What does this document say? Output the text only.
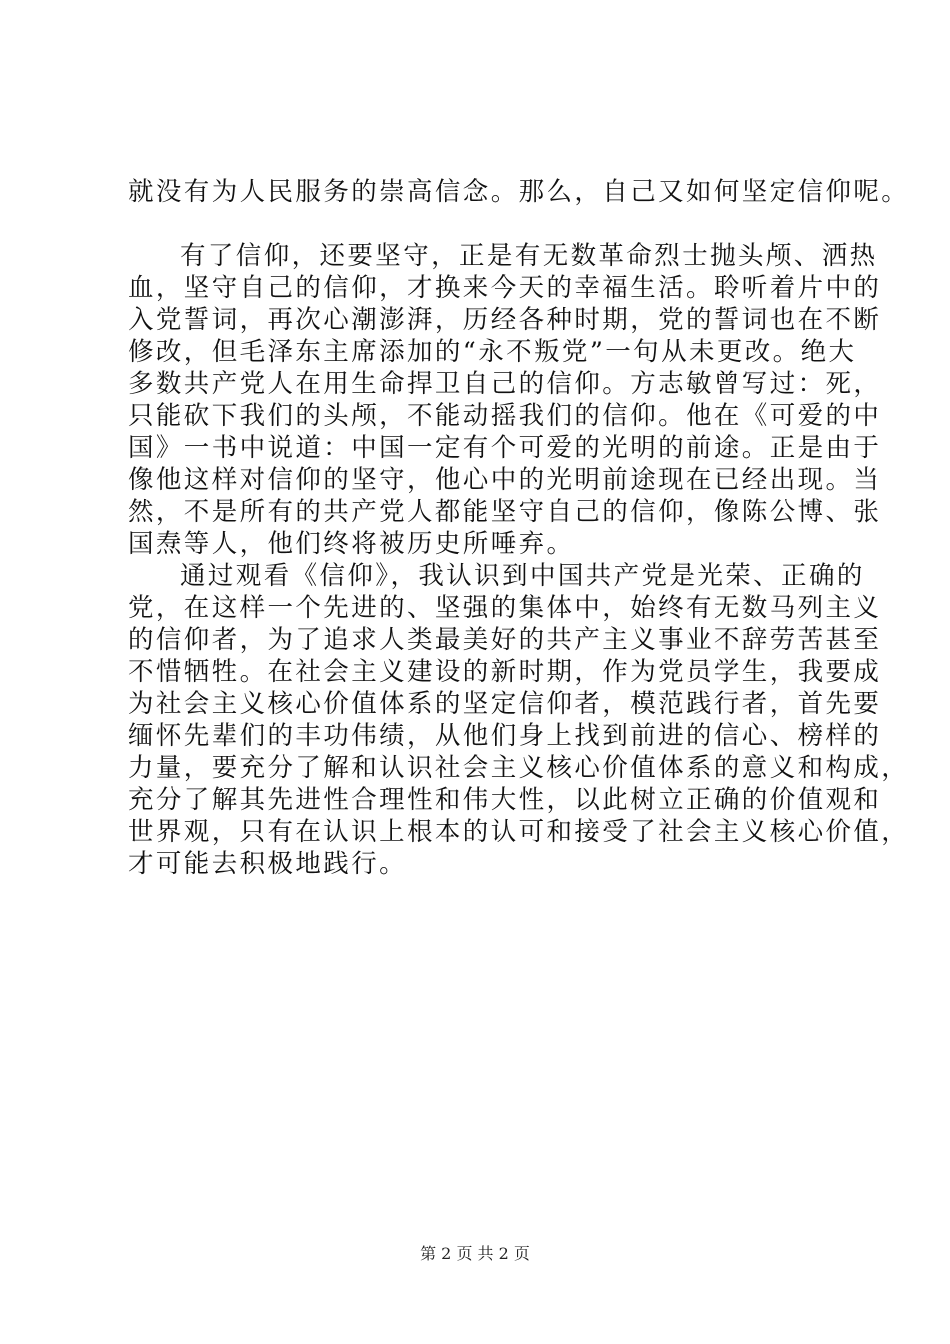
就没有为人民服务的崇高信念。那么，自己又如何坚定信仰呢。
有了信仰，还要坚守，正是有无数革命烈士抛头颅、洒热
血，坚守自己的信仰，才换来今天的幸福生活。聆听着片中的
入党誓词，再次心潮澎湃，历经各种时期，党的誓词也在不断
修改，但毛泽东主席添加的“永不叛党”一句从未更改。绝大
多数共产党人在用生命捍卫自己的信仰。方志敏曾写过：死，
只能砍下我们的头颅，不能动摇我们的信仰。他在《可爱的中
国》一书中说道：中国一定有个可爱的光明的前途。正是由于
像他这样对信仰的坚守，他心中的光明前途现在已经出现。当
然，不是所有的共产党人都能坚守自己的信仰，像陈公博、张
国焘等人，他们终将被历史所唾弃。
通过观看《信仰》，我认识到中国共产党是光荣、正确的
党，在这样一个先进的、坚强的集体中，始终有无数马列主义
的信仰者，为了追求人类最美好的共产主义事业不辞劳苦甚至
不惜牺牲。在社会主义建设的新时期，作为党员学生，我要成
为社会主义核心价值体系的坚定信仰者，模范践行者，首先要
缅怀先辈们的丰功伟绩，从他们身上找到前进的信心、榜样的
力量，要充分了解和认识社会主义核心价值体系的意义和构成，
充分了解其先进性合理性和伟大性，以此树立正确的价值观和
世界观，只有在认识上根本的认可和接受了社会主义核心价值，
才可能去积极地践行。
第 2 页 共 2 页
